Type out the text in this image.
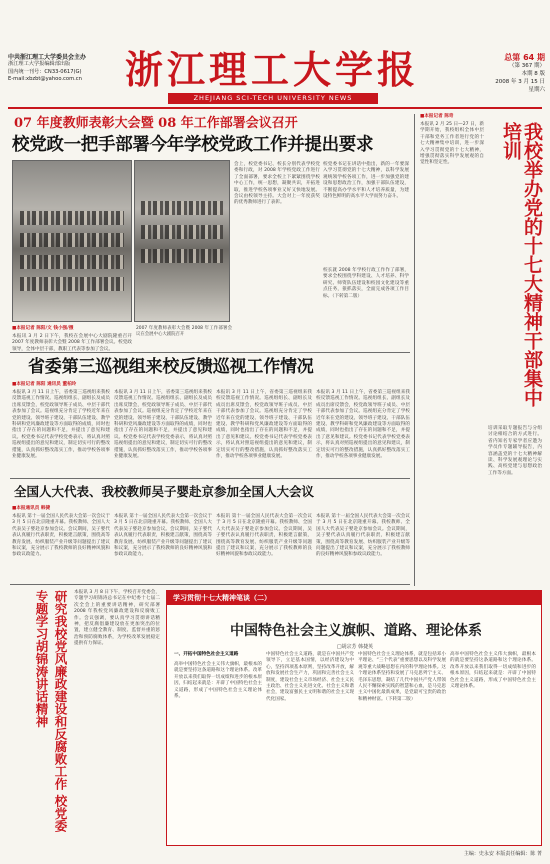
中共浙江理工大学委员会主办
浙江理工大学报编辑部出版
国内统一刊号：CN33-0617(G)
E-mail:xbzbt@yahoo.com.cn	浙江理工大学报	总第 64 期
（第 367 期）
本期 8 版
2008 年 3 月 15 日
星期六
ZHEJIANG SCI-TECH UNIVERSITY NEWS
07 年度教师表彰大会暨 08 年工作部署会议召开
校党政一把手部署今年学校党政工作并提出要求
■本报记者 陈阳/文 钱小强/摄
本报讯 3 月 2 日下午，我校在会展中心大剧院隆重召开 2007 年度教师表彰大会暨 2008 年工作部署会议。校党政领导，全体中层干部，教职工代表等参加了会议。
2007 年度教师表彰大会暨 2008 年工作部署会议在会展中心大剧院召开
会上，校党委书记、校长分别代表学校党委和行政，对 2008 年学校党政工作进行了全面部署，要求全校上下紧紧围绕学校中心工作，统一思想，凝聚共识，开拓进取，推进学校各项事业又好又快地发展。会议由校领导主持。大会对上一年度获奖的优秀教师进行了表彰。
校党委书记在讲话中指出，新的一年要深入学习贯彻党的十七大精神，以科学发展观统领学校各项工作，进一步加强党的建设和思想政治工作，加强干部队伍建设，不断提高办学水平和人才培养质量，为建设特色鲜明的高水平大学而努力奋斗。
校长就 2008 年学校行政工作作了部署，要求全校围绕学科建设、人才培养、科学研究、师资队伍建设和校园文化建设等重点任务，狠抓落实，全面完成各项工作目标。（下转第二版）
省委第三巡视组来校反馈巡视工作情况
■本报记者 陈阳 通讯员 董柏玲
本报讯 3 月 11 日上午，省委第三巡视组来我校反馈巡视工作情况。巡视组组长、副组长及成员出席反馈会，校党政领导班子成员、中层干部代表参加了会议。巡视组充分肯定了学校近年来在党的建设、领导班子建设、干部队伍建设、教学科研和党风廉政建设等方面取得的成绩，同时也指出了存在的问题和不足，并提出了意见和建议。校党委书记代表学校党委表示，将认真对照巡视组提出的意见和建议，制定切实可行的整改措施，认真抓好整改落实工作，推动学校各项事业健康发展。
本报讯 3 月 11 日上午，省委第三巡视组来我校反馈巡视工作情况。巡视组组长、副组长及成员出席反馈会，校党政领导班子成员、中层干部代表参加了会议。巡视组充分肯定了学校近年来在党的建设、领导班子建设、干部队伍建设、教学科研和党风廉政建设等方面取得的成绩，同时也指出了存在的问题和不足，并提出了意见和建议。校党委书记代表学校党委表示，将认真对照巡视组提出的意见和建议，制定切实可行的整改措施，认真抓好整改落实工作，推动学校各项事业健康发展。
本报讯 3 月 11 日上午，省委第三巡视组来我校反馈巡视工作情况。巡视组组长、副组长及成员出席反馈会，校党政领导班子成员、中层干部代表参加了会议。巡视组充分肯定了学校近年来在党的建设、领导班子建设、干部队伍建设、教学科研和党风廉政建设等方面取得的成绩，同时也指出了存在的问题和不足，并提出了意见和建议。校党委书记代表学校党委表示，将认真对照巡视组提出的意见和建议，制定切实可行的整改措施，认真抓好整改落实工作，推动学校各项事业健康发展。
本报讯 3 月 11 日上午，省委第三巡视组来我校反馈巡视工作情况。巡视组组长、副组长及成员出席反馈会，校党政领导班子成员、中层干部代表参加了会议。巡视组充分肯定了学校近年来在党的建设、领导班子建设、干部队伍建设、教学科研和党风廉政建设等方面取得的成绩，同时也指出了存在的问题和不足，并提出了意见和建议。校党委书记代表学校党委表示，将认真对照巡视组提出的意见和建议，制定切实可行的整改措施，认真抓好整改落实工作，推动学校各项事业健康发展。
全国人大代表、我校教师吴子婴赴京参加全国人大会议
■本报通讯员 韩捷
本报讯 第十一届全国人民代表大会第一次会议于 3 月 5 日在北京隆重开幕。我校教师、全国人大代表吴子婴赴京参加会议。会议期间，吴子婴代表认真履行代表职责，积极建言献策，围绕高等教育发展、纺织服装产业升级等问题提出了建议和议案，充分展示了我校教师的良好精神风貌和参政议政能力。
本报讯 第十一届全国人民代表大会第一次会议于 3 月 5 日在北京隆重开幕。我校教师、全国人大代表吴子婴赴京参加会议。会议期间，吴子婴代表认真履行代表职责，积极建言献策，围绕高等教育发展、纺织服装产业升级等问题提出了建议和议案，充分展示了我校教师的良好精神风貌和参政议政能力。
本报讯 第十一届全国人民代表大会第一次会议于 3 月 5 日在北京隆重开幕。我校教师、全国人大代表吴子婴赴京参加会议。会议期间，吴子婴代表认真履行代表职责，积极建言献策，围绕高等教育发展、纺织服装产业升级等问题提出了建议和议案，充分展示了我校教师的良好精神风貌和参政议政能力。
本报讯 第十一届全国人民代表大会第一次会议于 3 月 5 日在北京隆重开幕。我校教师、全国人大代表吴子婴赴京参加会议。会议期间，吴子婴代表认真履行代表职责，积极建言献策，围绕高等教育发展、纺织服装产业升级等问题提出了建议和议案，充分展示了我校教师的良好精神风貌和参政议政能力。
研究我校党风廉政建设和反腐败工作 校党委专题学习胡锦涛讲话精神	本报讯 3 月 8 日下午，学校召开党委会，专题学习胡锦涛总书记在中纪委十七届二次全会上的重要讲话精神，研究部署 2008 年我校党风廉政建设和反腐败工作。会议强调，要认真学习贯彻讲话精神，把反腐倡廉建设放在更加突出的位置，建立健全教育、制度、监督并重的惩治和预防腐败体系，为学校改革发展稳定提供有力保证。
学习贯彻十七大精神笔谈（二）
中国特色社会主义旗帜、道路、理论体系
□胡宗芳 韩捷英
一、开拓中国特色社会主义道路
高举中国特色社会主义伟大旗帜，最根本的就是要坚持这条道路和这个理论体系。改革开放以来我们取得一切成绩和进步的根本原因，归结起来就是：开辟了中国特色社会主义道路，形成了中国特色社会主义理论体系。
中国特色社会主义道路，就是在中国共产党领导下，立足基本国情，以经济建设为中心，坚持四项基本原则，坚持改革开放，解放和发展社会生产力，巩固和完善社会主义制度，建设社会主义市场经济、社会主义民主政治、社会主义先进文化、社会主义和谐社会，建设富强民主文明和谐的社会主义现代化国家。
中国特色社会主义理论体系，就是包括邓小平理论、“三个代表”重要思想以及科学发展观等重大战略思想在内的科学理论体系。这个理论体系坚持和发展了马克思列宁主义、毛泽东思想，凝结了几代中国共产党人带领人民不懈探索实践的智慧和心血，是马克思主义中国化最新成果，是党最可宝贵的政治和精神财富。（下转第二版）
高举中国特色社会主义伟大旗帜，最根本的就是要坚持这条道路和这个理论体系。改革开放以来我们取得一切成绩和进步的根本原因，归结起来就是：开辟了中国特色社会主义道路，形成了中国特色社会主义理论体系。
■本报记者 陈奇
本报讯 2 月 25 日—27 日，新学期开始，我校组织全体中层干部和党务工作者进行党的十七大精神集中培训，进一步深入学习贯彻党的十七大精神，增强贯彻落实科学发展观的自觉性和坚定性。	我校举办党的十七大精神干部集中培训
培训采取专题报告与分组讨论相结合的方式进行。省内知名专家学者应邀为学员作专题辅导报告，内容涵盖党的十七大精神解读、科学发展观理论与实践、高校党建与思想政治工作等方面。
主编：史永安 本版责任编辑：陈 菁
